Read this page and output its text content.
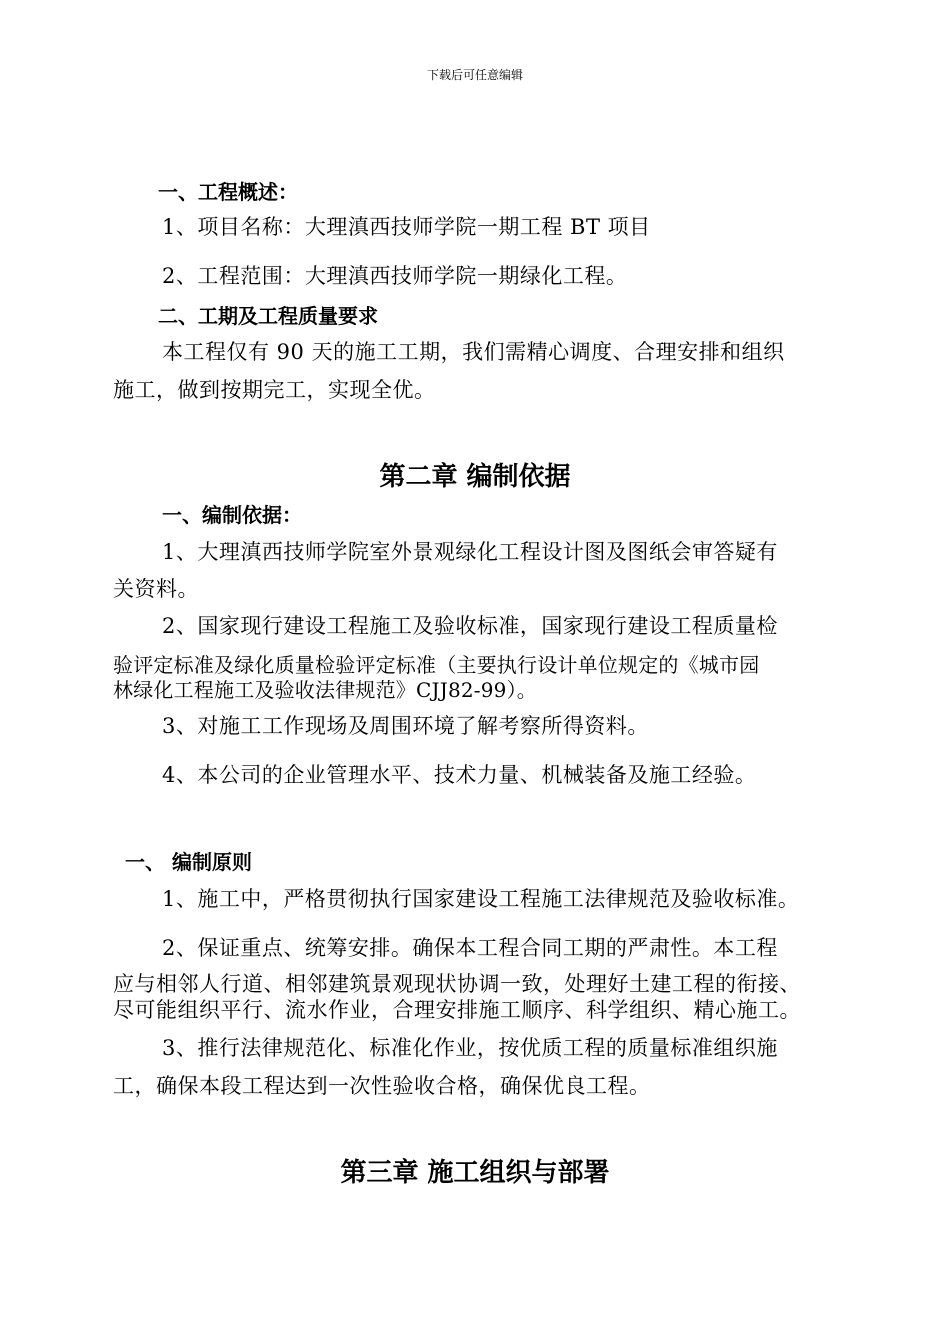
下载后可任意编辑
一、工程概述：
1、项目名称：大理滇西技师学院一期工程 BT 项目
2、工程范围：大理滇西技师学院一期绿化工程。
二、工期及工程质量要求
本工程仅有 90 天的施工工期，我们需精心调度、合理安排和组织
施工，做到按期完工，实现全优。
第二章 编制依据
一、编制依据：
1、大理滇西技师学院室外景观绿化工程设计图及图纸会审答疑有
关资料。
2、国家现行建设工程施工及验收标准，国家现行建设工程质量检
验评定标准及绿化质量检验评定标准（主要执行设计单位规定的《城市园
林绿化工程施工及验收法律规范》CJJ82-99）。
3、对施工工作现场及周围环境了解考察所得资料。
4、本公司的企业管理水平、技术力量、机械装备及施工经验。
一、 编制原则
1、施工中，严格贯彻执行国家建设工程施工法律规范及验收标准。
2、保证重点、统筹安排。确保本工程合同工期的严肃性。本工程
应与相邻人行道、相邻建筑景观现状协调一致，处理好土建工程的衔接、
尽可能组织平行、流水作业，合理安排施工顺序、科学组织、精心施工。
3、推行法律规范化、标准化作业，按优质工程的质量标准组织施
工，确保本段工程达到一次性验收合格，确保优良工程。
第三章 施工组织与部署
